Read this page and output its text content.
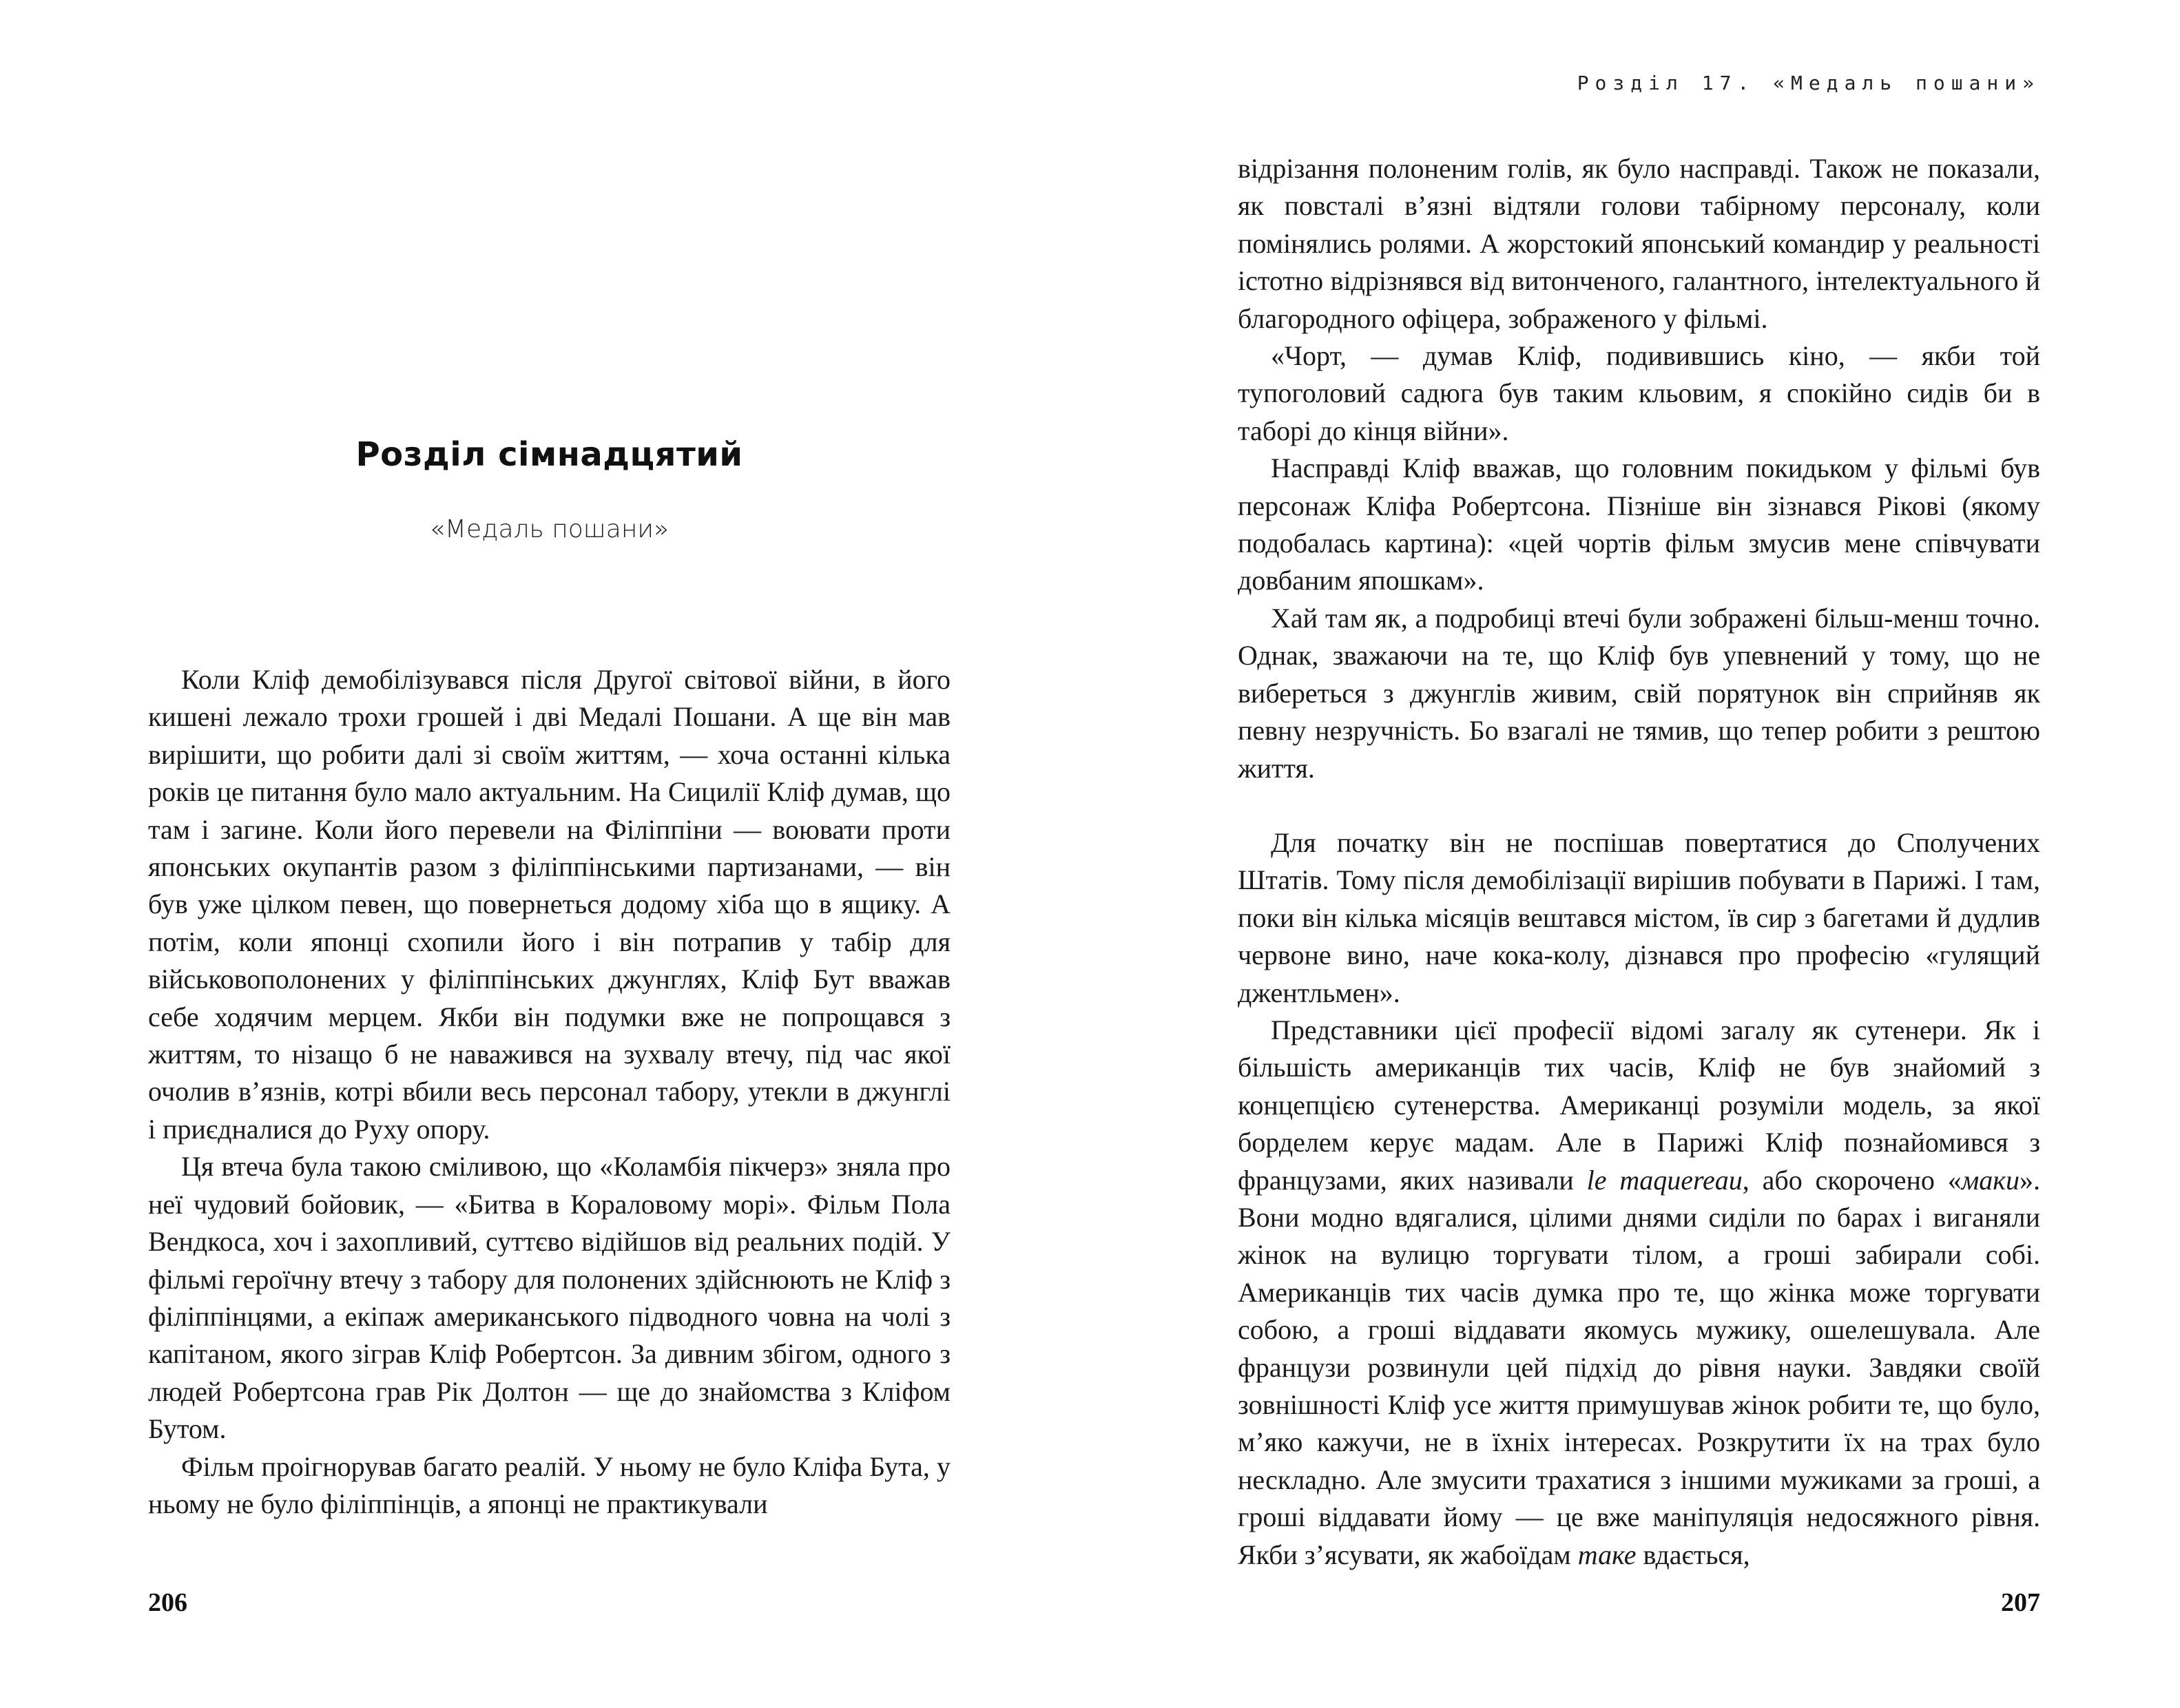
Розділ сімнадцятий
«Медаль пошани»

Коли Кліф демобілізувався після Другої світової війни, в його кишені лежало трохи грошей і дві Медалі Пошани. А ще він мав вирішити, що робити далі зі своїм життям, — хоча останні кілька років це питання було мало актуальним. На Сицилії Кліф думав, що там і загине. Коли його перевели на Філіппіни — воювати проти японських окупантів разом з філіппінськими партизанами, — він був уже цілком певен, що повернеться додому хіба що в ящику. А потім, коли японці схопили його і він потрапив у табір для військовополонених у філіппінських джунглях, Кліф Бут вважав себе ходячим мерцем. Якби він подумки вже не попрощався з життям, то нізащо б не наважився на зухвалу втечу, під час якої очолив в’язнів, котрі вбили весь персонал табору, утекли в джунглі і приєдналися до Руху опору.

Ця втеча була такою сміливою, що «Коламбія пікчерз» зняла про неї чудовий бойовик, — «Битва в Кораловому морі». Фільм Пола Вендкоса, хоч і захопливий, суттєво відійшов від реальних подій. У фільмі героїчну втечу з табору для полонених здійснюють не Кліф з філіппінцями, а екіпаж американського підводного човна на чолі з капітаном, якого зіграв Кліф Робертсон. За дивним збігом, одного з людей Робертсона грав Рік Долтон — ще до знайомства з Кліфом Бутом.

Фільм проігнорував багато реалій. У ньому не було Кліфа Бута, у ньому не було філіппінців, а японці не практикували

206
Розділ 17. «Медаль пошани»

відрізання полоненим голів, як було насправді. Також не показали, як повсталі в’язні відтяли голови табірному персоналу, коли помінялись ролями. А жорстокий японський командир у реальності істотно відрізнявся від витонченого, галантного, інтелектуального й благородного офіцера, зображеного у фільмі.

«Чорт, — думав Кліф, подивившись кіно, — якби той тупоголовий садюга був таким кльовим, я спокійно сидів би в таборі до кінця війни».

Насправді Кліф вважав, що головним покидьком у фільмі був персонаж Кліфа Робертсона. Пізніше він зізнався Рікові (якому подобалась картина): «цей чортів фільм змусив мене співчувати довбаним япошкам».

Хай там як, а подробиці втечі були зображені більш-менш точно. Однак, зважаючи на те, що Кліф був упевнений у тому, що не вибереться з джунглів живим, свій порятунок він сприйняв як певну незручність. Бо взагалі не тямив, що тепер робити з рештою життя.

Для початку він не поспішав повертатися до Сполучених Штатів. Тому після демобілізації вирішив побувати в Парижі. І там, поки він кілька місяців вештався містом, їв сир з багетами й дудлив червоне вино, наче кока-колу, дізнався про професію «гулящий джентльмен».

Представники цієї професії відомі загалу як сутенери. Як і більшість американців тих часів, Кліф не був знайомий з концепцією сутенерства. Американці розуміли модель, за якої борделем керує мадам. Але в Парижі Кліф познайомився з французами, яких називали le maquereau, або скорочено «маки». Вони модно вдягалися, цілими днями сиділи по барах і виганяли жінок на вулицю торгувати тілом, а гроші забирали собі. Американців тих часів думка про те, що жінка може торгувати собою, а гроші віддавати якомусь мужику, ошелешувала. Але французи розвинули цей підхід до рівня науки. Завдяки своїй зовнішності Кліф усе життя примушував жінок робити те, що було, м’яко кажучи, не в їхніх інтересах. Розкрутити їх на трах було нескладно. Але змусити трахатися з іншими мужиками за гроші, а гроші віддавати йому — це вже маніпуляція недосяжного рівня. Якби з’ясувати, як жабоїдам таке вдається,

207
